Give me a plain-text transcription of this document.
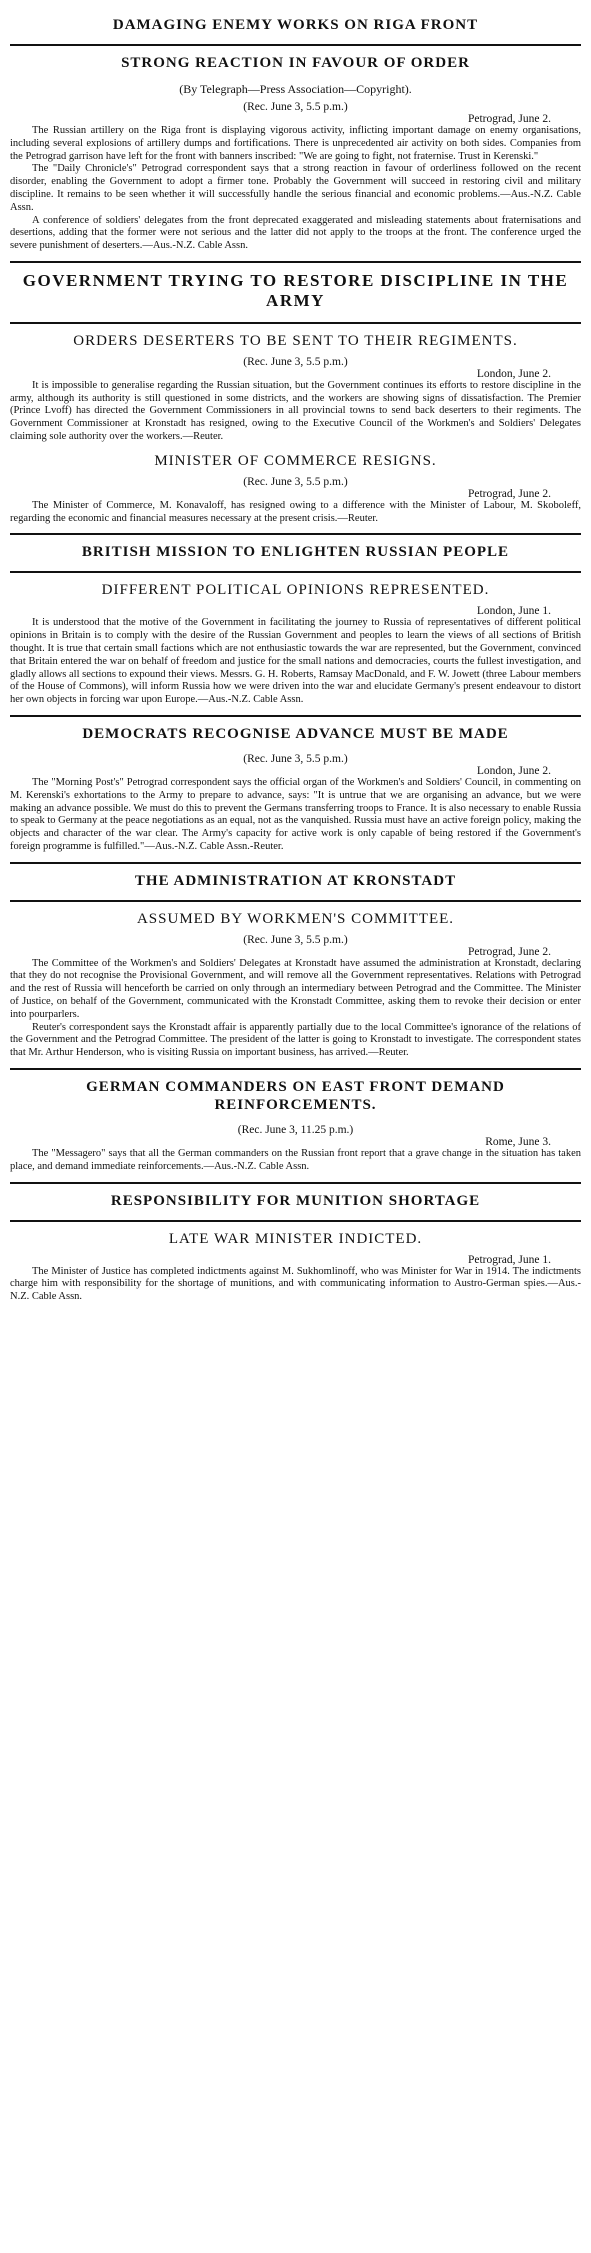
DAMAGING ENEMY WORKS ON RIGA FRONT
STRONG REACTION IN FAVOUR OF ORDER
(By Telegraph—Press Association—Copyright).
(Rec. June 3, 5.5 p.m.)
Petrograd, June 2.

The Russian artillery on the Riga front is displaying vigorous activity, inflicting important damage on enemy organisations, including several explosions of artillery dumps and fortifications. There is unprecedented air activity on both sides. Companies from the Petrograd garrison have left for the front with banners inscribed: "We are going to fight, not fraternise. Trust in Kerenski."

The "Daily Chronicle's" Petrograd correspondent says that a strong reaction in favour of orderliness followed on the recent disorder, enabling the Government to adopt a firmer tone. Probably the Government will succeed in restoring civil and military discipline. It remains to be seen whether it will successfully handle the serious financial and economic problems.—Aus.-N.Z. Cable Assn.

A conference of soldiers' delegates from the front deprecated exaggerated and misleading statements about fraternisations and desertions, adding that the former were not serious and the latter did not apply to the troops at the front. The conference urged the severe punishment of deserters.—Aus.-N.Z. Cable Assn.

GOVERNMENT TRYING TO RESTORE DISCIPLINE IN THE ARMY
ORDERS DESERTERS TO BE SENT TO THEIR REGIMENTS.
(Rec. June 3, 5.5 p.m.)
London, June 2.

It is impossible to generalise regarding the Russian situation, but the Government continues its efforts to restore discipline in the army, although its authority is still questioned in some districts, and the workers are showing signs of dissatisfaction. The Premier (Prince Lvoff) has directed the Government Commissioners in all provincial towns to send back deserters to their regiments. The Government Commissioner at Kronstadt has resigned, owing to the Executive Council of the Workmen's and Soldiers' Delegates claiming sole authority over the workers.—Reuter.

MINISTER OF COMMERCE RESIGNS.
(Rec. June 3, 5.5 p.m.)
Petrograd, June 2.

The Minister of Commerce, M. Konavaloff, has resigned owing to a difference with the Minister of Labour, M. Skoboleff, regarding the economic and financial measures necessary at the present crisis.—Reuter.

BRITISH MISSION TO ENLIGHTEN RUSSIAN PEOPLE
DIFFERENT POLITICAL OPINIONS REPRESENTED.
London, June 1.

It is understood that the motive of the Government in facilitating the journey to Russia of representatives of different political opinions in Britain is to comply with the desire of the Russian Government and peoples to learn the views of all sections of British thought. It is true that certain small factions which are not enthusiastic towards the war are represented, but the Government, convinced that Britain entered the war on behalf of freedom and justice for the small nations and democracies, courts the fullest investigation, and gladly allows all sections to expound their views. Messrs. G. H. Roberts, Ramsay MacDonald, and F. W. Jowett (three Labour members of the House of Commons), will inform Russia how we were driven into the war and elucidate Germany's present endeavour to distort her own objects in forcing war upon Europe.—Aus.-N.Z. Cable Assn.

DEMOCRATS RECOGNISE ADVANCE MUST BE MADE
(Rec. June 3, 5.5 p.m.)
London, June 2.

The "Morning Post's" Petrograd correspondent says the official organ of the Workmen's and Soldiers' Council, in commenting on M. Kerenski's exhortations to the Army to prepare to advance, says: "It is untrue that we are organising an advance, but we were making an advance possible. We must do this to prevent the Germans transferring troops to France. It is also necessary to enable Russia to speak to Germany at the peace negotiations as an equal, not as the vanquished. Russia must have an active foreign policy, making the objects and character of the war clear. The Army's capacity for active work is only capable of being restored if the Government's foreign programme is fulfilled."—Aus.-N.Z. Cable Assn.-Reuter.

THE ADMINISTRATION AT KRONSTADT
ASSUMED BY WORKMEN'S COMMITTEE.
(Rec. June 3, 5.5 p.m.)
Petrograd, June 2.

The Committee of the Workmen's and Soldiers' Delegates at Kronstadt have assumed the administration at Kronstadt, declaring that they do not recognise the Provisional Government, and will remove all the Government representatives. Relations with Petrograd and the rest of Russia will henceforth be carried on only through an intermediary between Petrograd and the Committee. The Minister of Justice, on behalf of the Government, communicated with the Kronstadt Committee, asking them to revoke their decision or enter into pourparlers.

Reuter's correspondent says the Kronstadt affair is apparently partially due to the local Committee's ignorance of the relations of the Government and the Petrograd Committee. The president of the latter is going to Kronstadt to investigate. The correspondent states that Mr. Arthur Henderson, who is visiting Russia on important business, has arrived.—Reuter.

GERMAN COMMANDERS ON EAST FRONT DEMAND REINFORCEMENTS.
(Rec. June 3, 11.25 p.m.)
Rome, June 3.

The "Messagero" says that all the German commanders on the Russian front report that a grave change in the situation has taken place, and demand immediate reinforcements.—Aus.-N.Z. Cable Assn.

RESPONSIBILITY FOR MUNITION SHORTAGE
LATE WAR MINISTER INDICTED.
Petrograd, June 1.

The Minister of Justice has completed indictments against M. Sukhomlinoff, who was Minister for War in 1914. The indictments charge him with responsibility for the shortage of munitions, and with communicating information to Austro-German spies.—Aus.-N.Z. Cable Assn.
